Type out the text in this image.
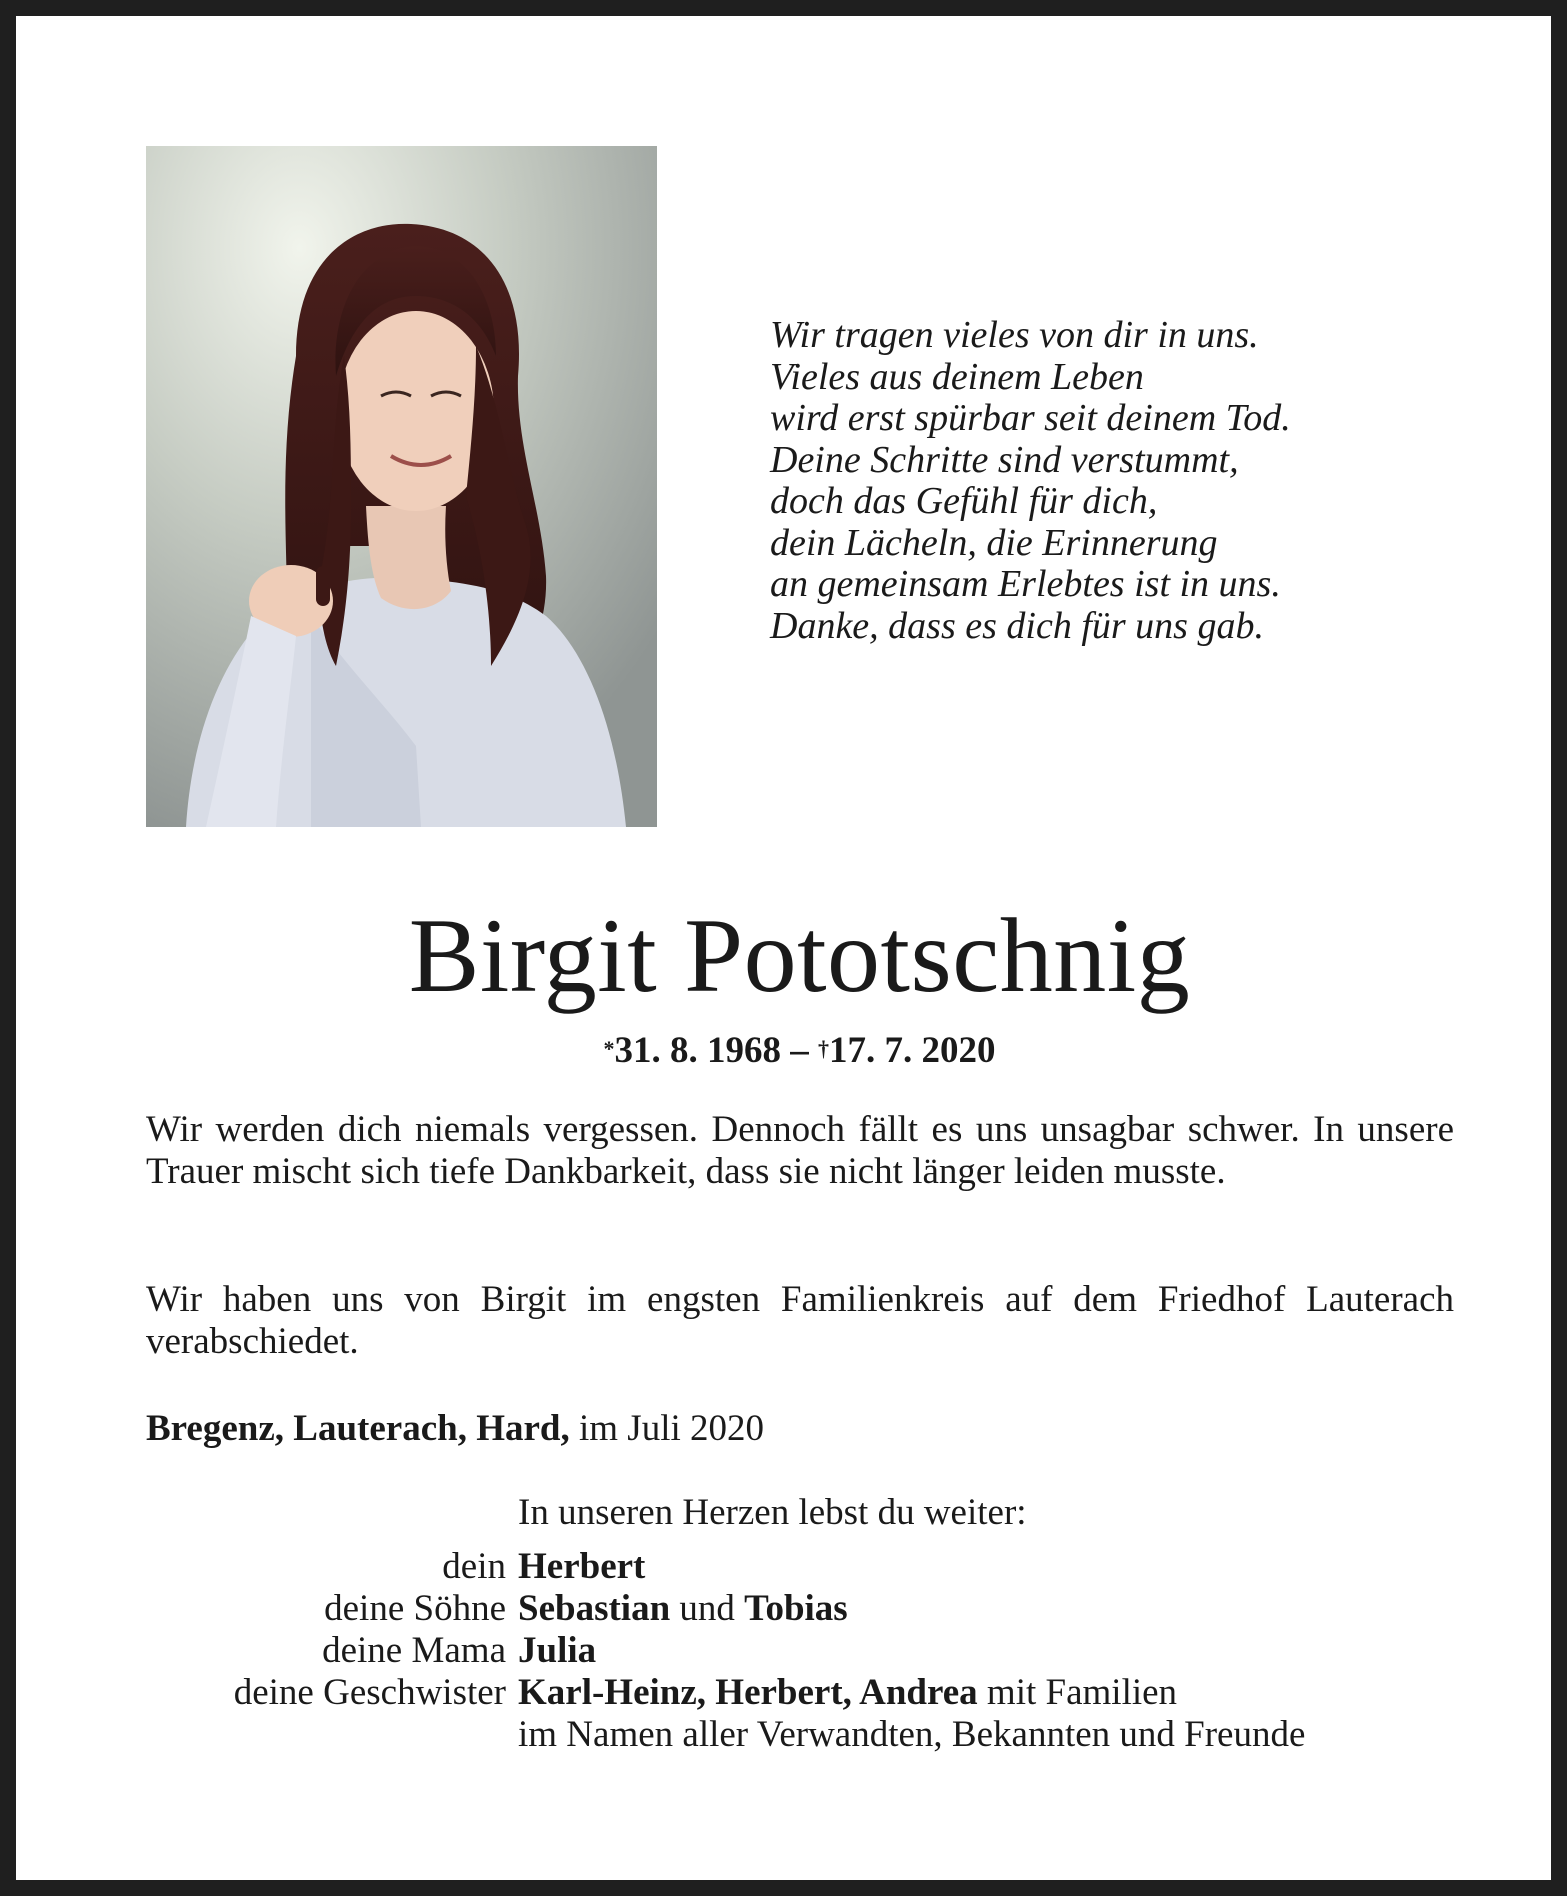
Wir tragen vieles von dir in uns.
Vieles aus deinem Leben
wird erst spürbar seit deinem Tod.
Deine Schritte sind verstummt,
doch das Gefühl für dich,
dein Lächeln, die Erinnerung
an gemeinsam Erlebtes ist in uns.
Danke, dass es dich für uns gab.
Birgit Pototschnig
*31. 8. 1968 – †17. 7. 2020
Wir werden dich niemals vergessen. Dennoch fällt es uns unsagbar schwer. In unsere Trauer mischt sich tiefe Dankbarkeit, dass sie nicht länger leiden musste.
Wir haben uns von Birgit im engsten Familienkreis auf dem Friedhof Lauterach verabschiedet.
Bregenz, Lauterach, Hard, im Juli 2020
In unseren Herzen lebst du weiter:
dein Herbert
deine Söhne Sebastian und Tobias
deine Mama Julia
deine Geschwister Karl-Heinz, Herbert, Andrea mit Familien
im Namen aller Verwandten, Bekannten und Freunde
